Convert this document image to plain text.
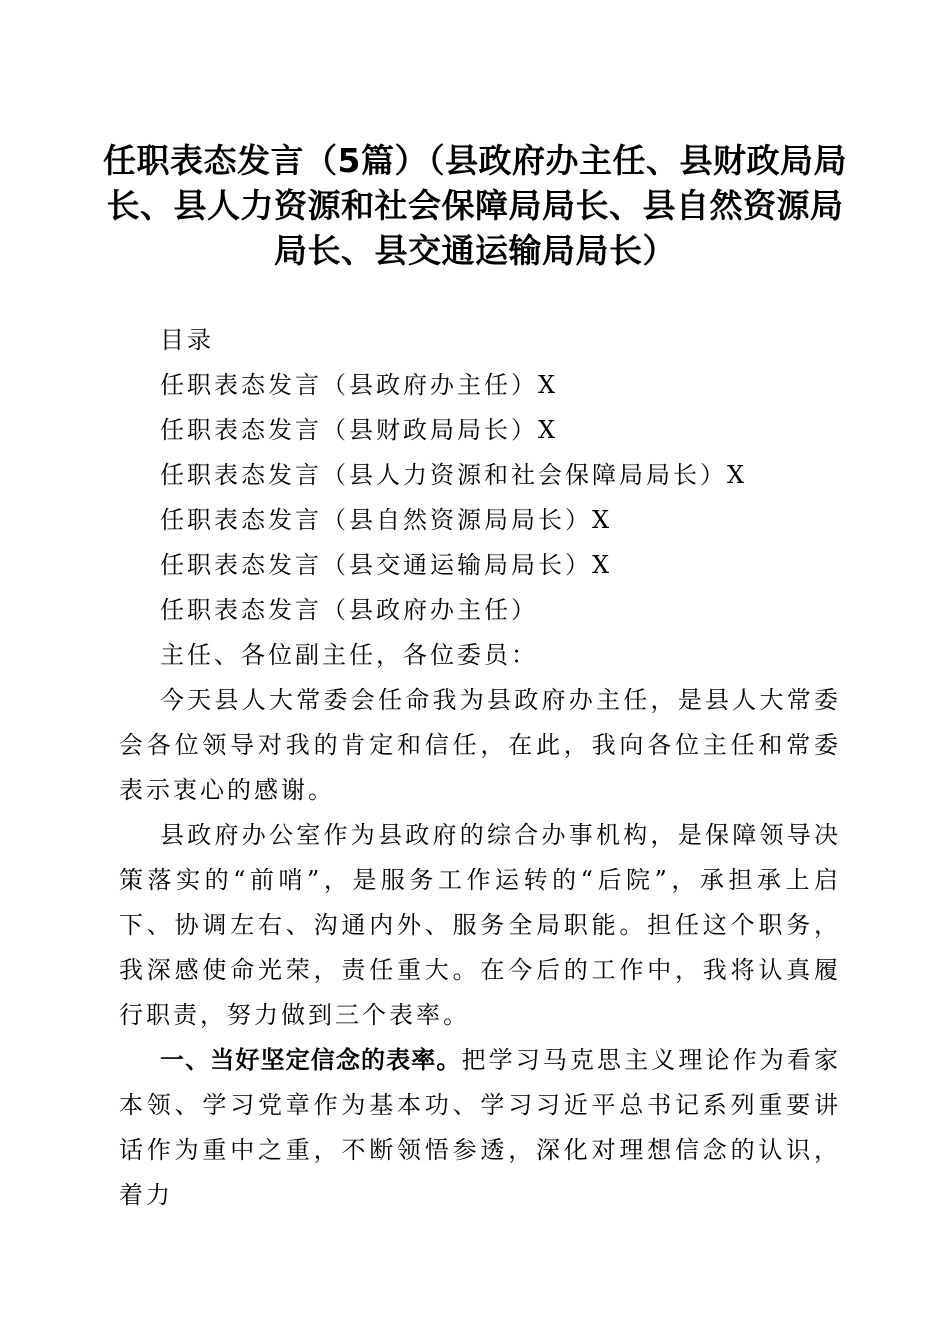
任职表态发言（5篇）（县政府办主任、县财政局局长、县人力资源和社会保障局局长、县自然资源局局长、县交通运输局局长）

目录

任职表态发言（县政府办主任）X

任职表态发言（县财政局局长）X

任职表态发言（县人力资源和社会保障局局长）X

任职表态发言（县自然资源局局长）X

任职表态发言（县交通运输局局长）X

任职表态发言（县政府办主任）

主任、各位副主任，各位委员：

今天县人大常委会任命我为县政府办主任，是县人大常委会各位领导对我的肯定和信任，在此，我向各位主任和常委表示衷心的感谢。

县政府办公室作为县政府的综合办事机构，是保障领导决策落实的“前哨”，是服务工作运转的“后院”，承担承上启下、协调左右、沟通内外、服务全局职能。担任这个职务，我深感使命光荣，责任重大。在今后的工作中，我将认真履行职责，努力做到三个表率。

一、当好坚定信念的表率。把学习马克思主义理论作为看家本领、学习党章作为基本功、学习习近平总书记系列重要讲话作为重中之重，不断领悟参透，深化对理想信念的认识，着力
